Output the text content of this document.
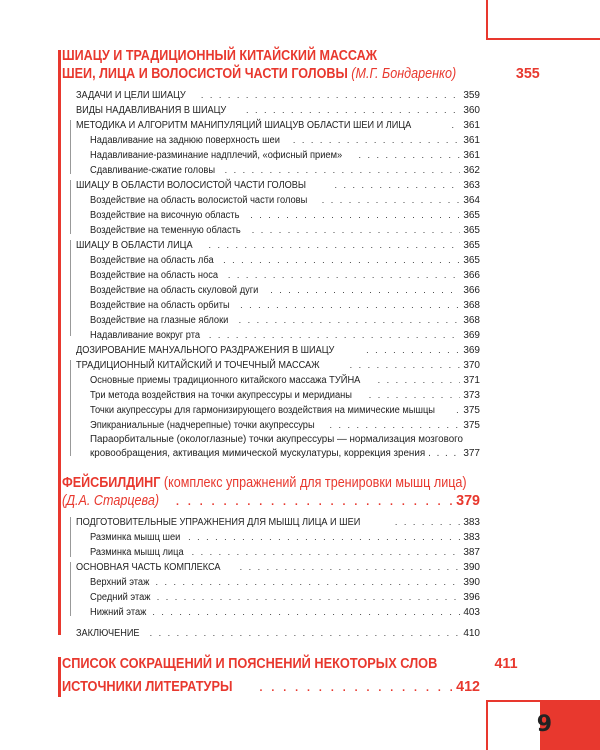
ШИАЦУ И ТРАДИЦИОННЫЙ КИТАЙСКИЙ МАССАЖ
ШЕИ, ЛИЦА И ВОЛОСИСТОЙ ЧАСТИ ГОЛОВЫ (М.Г. Бондаренко)	355
ЗАДАЧИ И ЦЕЛИ ШИАЦУ . . .	359
ВИДЫ НАДАВЛИВАНИЯ В ШИАЦУ . . .	360
МЕТОДИКА И АЛГОРИТМ МАНИПУЛЯЦИЙ ШИАЦУВ ОБЛАСТИ ШЕИ И ЛИЦА . . .	361
Надавливание на заднюю поверхность шеи . . .	361
Надавливание-разминание надплечий, «офисный прием» . . .	361
Сдавливание-сжатие головы . . .	362
ШИАЦУ В ОБЛАСТИ ВОЛОСИСТОЙ ЧАСТИ ГОЛОВЫ . . .	363
Воздействие на область волосистой части головы . . .	364
Воздействие на височную область . . .	365
Воздействие на теменную область . . .	365
ШИАЦУ В ОБЛАСТИ ЛИЦА . . .	365
Воздействие на область лба . . .	365
Воздействие на область носа . . .	366
Воздействие на область скуловой дуги . . .	366
Воздействие на область орбиты . . .	368
Воздействие на глазные яблоки . . .	368
Надавливание вокруг рта . . .	369
ДОЗИРОВАНИЕ МАНУАЛЬНОГО РАЗДРАЖЕНИЯ В ШИАЦУ . . .	369
ТРАДИЦИОННЫЙ КИТАЙСКИЙ И ТОЧЕЧНЫЙ МАССАЖ . . .	370
Основные приемы традиционного китайского массажа ТУЙНА . . .	371
Три метода воздействия на точки акупрессуры и меридианы . . .	373
Точки акупрессуры для гармонизирующего воздействия на мимические мышцы . . .	375
Эпикраниальные (надчерепные) точки акупрессуры . . .	375
Параорбитальные (окологлазные) точки акупрессуры — нормализация мозгового
кровообращения, активация мимической мускулатуры, коррекция зрения . . .	377
ФЕЙСБИЛДИНГ (комплекс упражнений для тренировки мышц лица)
(Д.А. Старцева) . . .	379
ПОДГОТОВИТЕЛЬНЫЕ УПРАЖНЕНИЯ ДЛЯ МЫШЦ ЛИЦА И ШЕИ . . .	383
Разминка мышц шеи . . .	383
Разминка мышц лица . . .	387
ОСНОВНАЯ ЧАСТЬ КОМПЛЕКСА . . .	390
Верхний этаж . . .	390
Средний этаж . . .	396
Нижний этаж . . .	403
ЗАКЛЮЧЕНИЕ . . .	410
СПИСОК СОКРАЩЕНИЙ И ПОЯСНЕНИЙ НЕКОТОРЫХ СЛОВ	411
ИСТОЧНИКИ ЛИТЕРАТУРЫ . . .	412
9
